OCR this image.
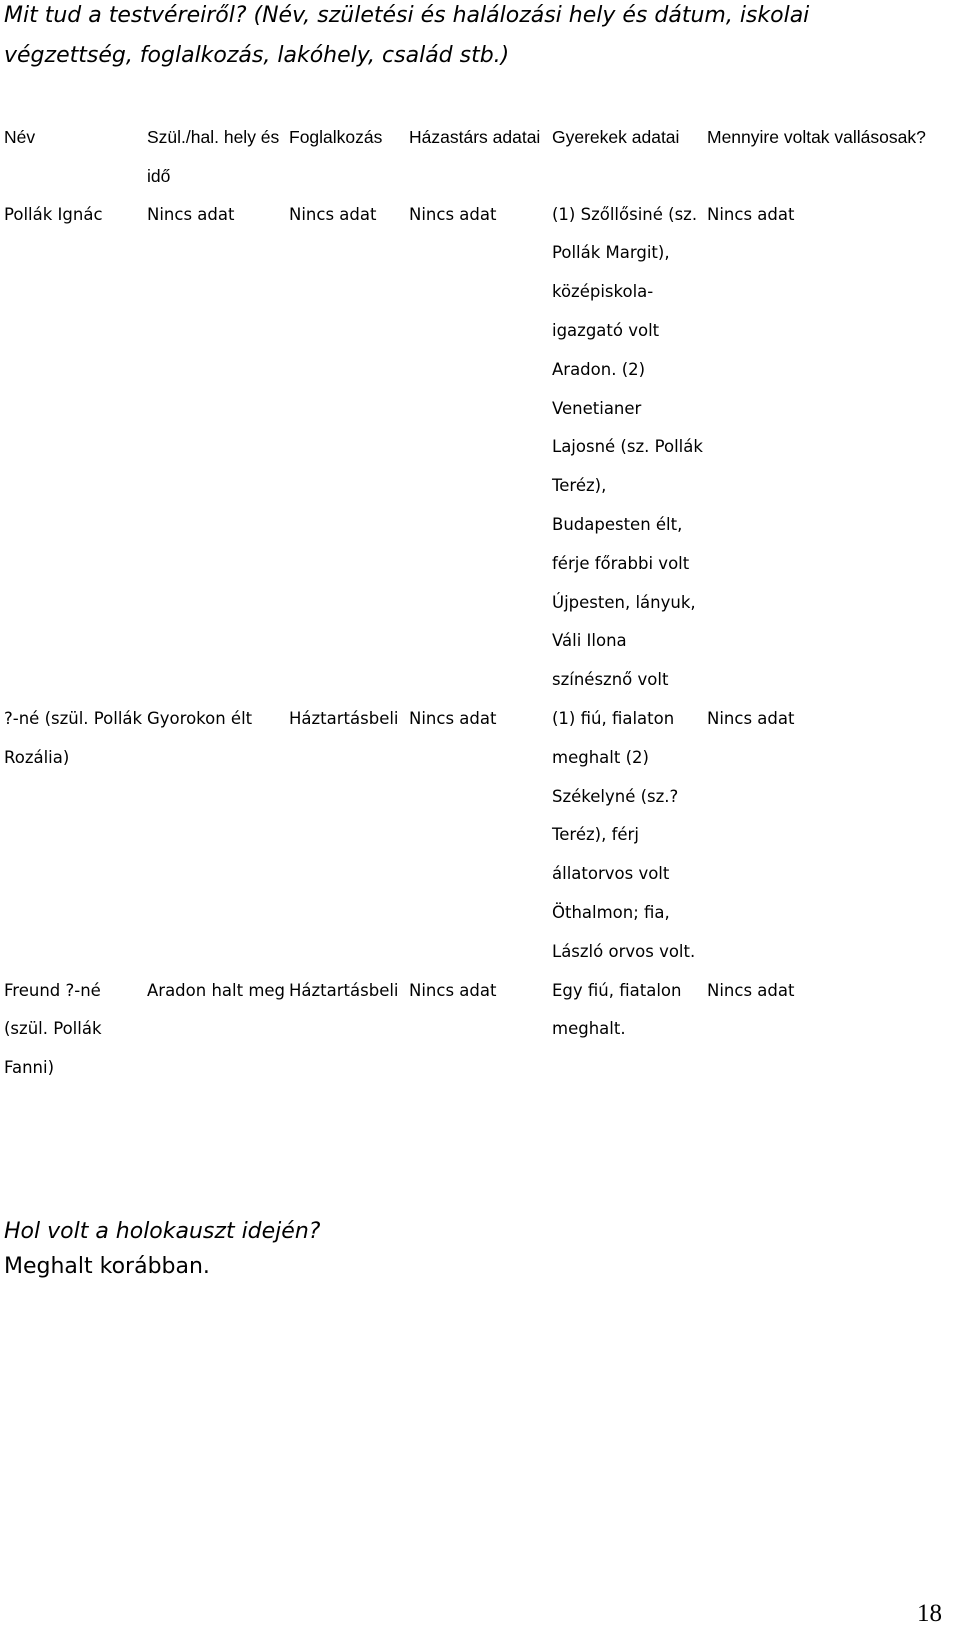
Mit tud a testvéreiről? (Név, születési és halálozási hely és dátum, iskolai végzettség, foglalkozás, lakóhely, család stb.)

Név	Szül./hal. hely és idő	Foglalkozás	Házastárs adatai	Gyerekek adatai	Mennyire voltak vallásosak?
Pollák Ignác	Nincs adat	Nincs adat	Nincs adat	(1) Szőllősiné (sz. Pollák Margit), középiskola- igazgató volt Aradon. (2) Venetianer Lajosné (sz. Pollák Teréz), Budapesten élt, férje főrabbi volt Újpesten, lányuk, Váli Ilona színésznő volt	Nincs adat
?-né (szül. Pollák Rozália)	Gyorokon élt	Háztartásbeli	Nincs adat	(1) fiú, fialaton meghalt (2) Székelyné (sz.? Teréz), férj állatorvos volt Öthalmon; fia, László orvos volt.	Nincs adat
Freund ?-né (szül. Pollák Fanni)	Aradon halt meg	Háztartásbeli	Nincs adat	Egy fiú, fiatalon meghalt.	Nincs adat

Hol volt a holokauszt idején?

Meghalt korábban.

18
